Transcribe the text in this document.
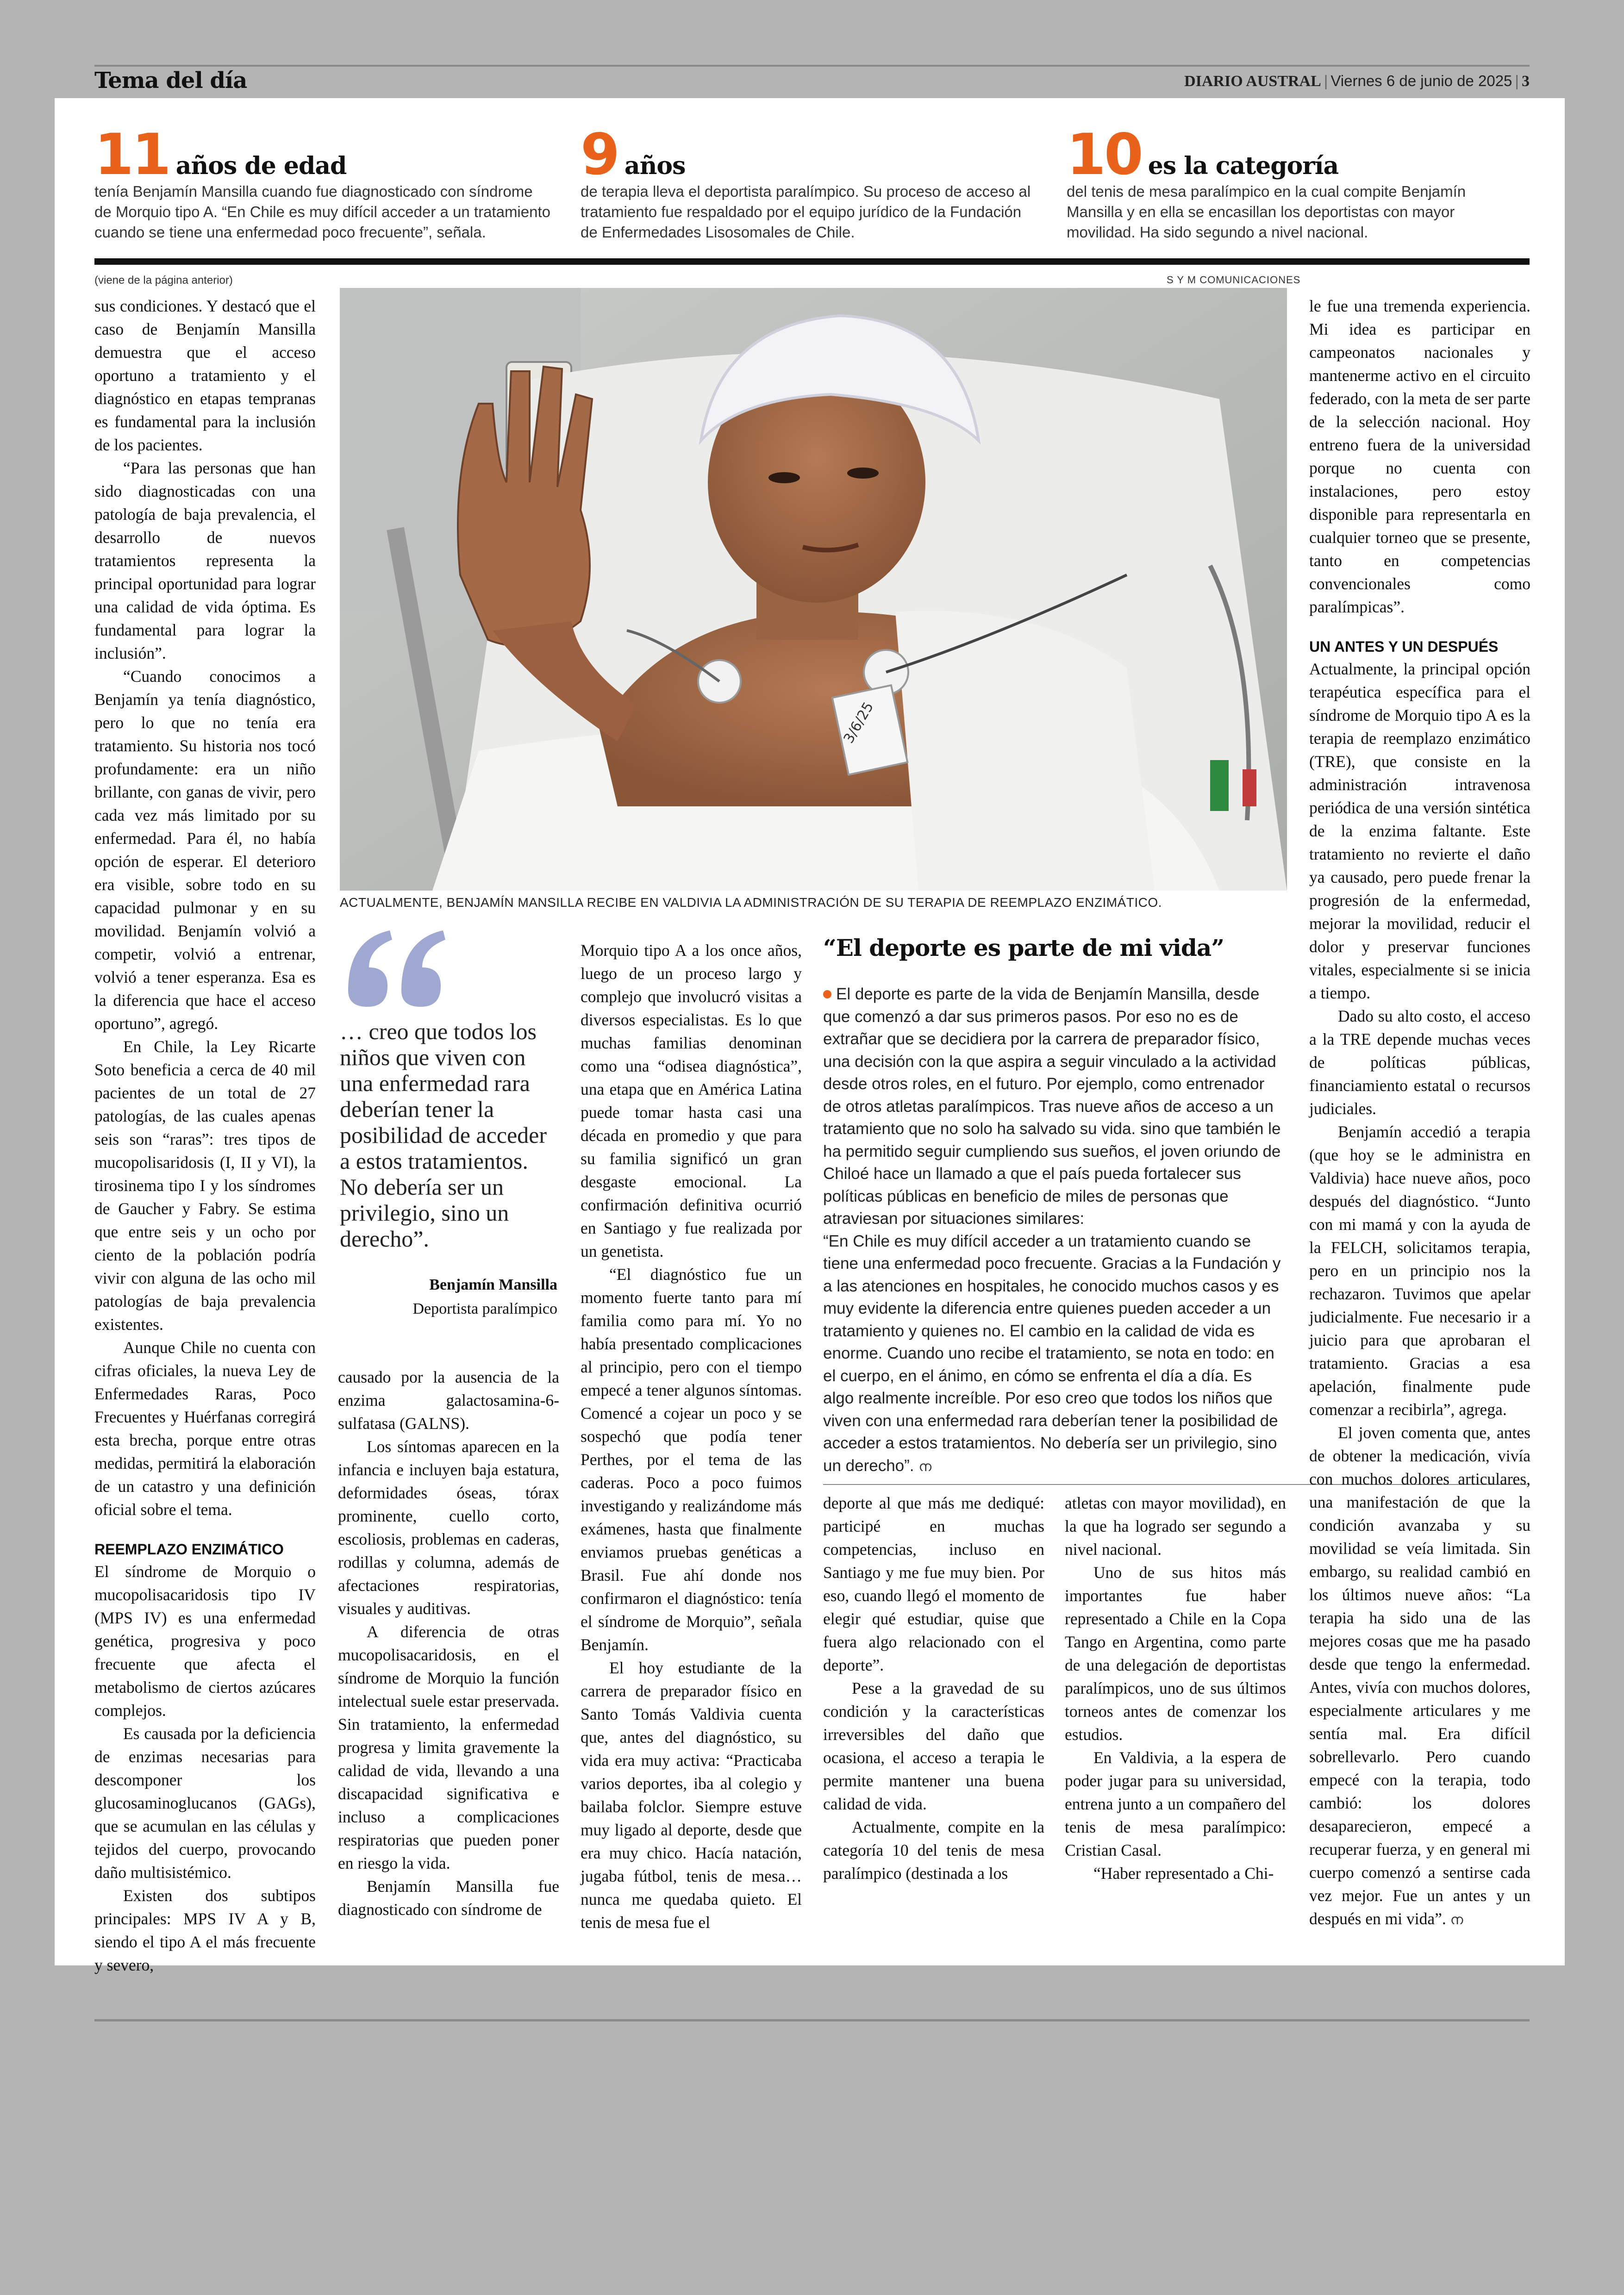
Tema del día	DIARIO AUSTRAL | Viernes 6 de junio de 2025 | 3
11 años de edad
tenía Benjamín Mansilla cuando fue diagnosticado con síndrome de Morquio tipo A. “En Chile es muy difícil acceder a un tratamiento cuando se tiene una enfermedad poco frecuente”, señala.
9 años
de terapia lleva el deportista paralímpico. Su proceso de acceso al tratamiento fue respaldado por el equipo jurídico de la Fundación de Enfermedades Lisosomales de Chile.
10 es la categoría
del tenis de mesa paralímpico en la cual compite Benjamín Mansilla y en ella se encasillan los deportistas con mayor movilidad. Ha sido segundo a nivel nacional.
(viene de la página anterior)	S Y M COMUNICACIONES

sus condiciones. Y destacó que el caso de Benjamín Mansilla demuestra que el acceso oportuno a tratamiento y el diagnóstico en etapas tempranas es fundamental para la inclusión de los pacientes.

“Para las personas que han sido diagnosticadas con una patología de baja prevalencia, el desarrollo de nuevos tratamientos representa la principal oportunidad para lograr una calidad de vida óptima. Es fundamental para lograr la inclusión”.

“Cuando conocimos a Benjamín ya tenía diagnóstico, pero lo que no tenía era tratamiento. Su historia nos tocó profundamente: era un niño brillante, con ganas de vivir, pero cada vez más limitado por su enfermedad. Para él, no había opción de esperar. El deterioro era visible, sobre todo en su capacidad pulmonar y en su movilidad. Benjamín volvió a competir, volvió a entrenar, volvió a tener esperanza. Esa es la diferencia que hace el acceso oportuno”, agregó.

En Chile, la Ley Ricarte Soto beneficia a cerca de 40 mil pacientes de un total de 27 patologías, de las cuales apenas seis son “raras”: tres tipos de mucopolisaridosis (I, II y VI), la tirosinema tipo I y los síndromes de Gaucher y Fabry. Se estima que entre seis y un ocho por ciento de la población podría vivir con alguna de las ocho mil patologías de baja prevalencia existentes.

Aunque Chile no cuenta con cifras oficiales, la nueva Ley de Enfermedades Raras, Poco Frecuentes y Huérfanas corregirá esta brecha, porque entre otras medidas, permitirá la elaboración de un catastro y una definición oficial sobre el tema.

REEMPLAZO ENZIMÁTICO

El síndrome de Morquio o mucopolisacaridosis tipo IV (MPS IV) es una enfermedad genética, progresiva y poco frecuente que afecta el metabolismo de ciertos azúcares complejos.

Es causada por la deficiencia de enzimas necesarias para descomponer los glucosaminoglucanos (GAGs), que se acumulan en las células y tejidos del cuerpo, provocando daño multisistémico.

Existen dos subtipos principales: MPS IV A y B, siendo el tipo A el más frecuente y severo,

3/6/25
ACTUALMENTE, BENJAMÍN MANSILLA RECIBE EN VALDIVIA LA ADMINISTRACIÓN DE SU TERAPIA DE REEMPLAZO ENZIMÁTICO.
… creo que todos los niños que viven con una enfermedad rara deberían tener la posibilidad de acceder a estos tratamientos. No debería ser un privilegio, sino un derecho”.
Benjamín Mansilla
Deportista paralímpico

causado por la ausencia de la enzima galactosamina-6-sulfatasa (GALNS).

Los síntomas aparecen en la infancia e incluyen baja estatura, deformidades óseas, tórax prominente, cuello corto, escoliosis, problemas en caderas, rodillas y columna, además de afectaciones respiratorias, visuales y auditivas.

A diferencia de otras mucopolisacaridosis, en el síndrome de Morquio la función intelectual suele estar preservada. Sin tratamiento, la enfermedad progresa y limita gravemente la calidad de vida, llevando a una discapacidad significativa e incluso a complicaciones respiratorias que pueden poner en riesgo la vida.

Benjamín Mansilla fue diagnosticado con síndrome de

Morquio tipo A a los once años, luego de un proceso largo y complejo que involucró visitas a diversos especialistas. Es lo que muchas familias denominan como una “odisea diagnóstica”, una etapa que en América Latina puede tomar hasta casi una década en promedio y que para su familia significó un gran desgaste emocional. La confirmación definitiva ocurrió en Santiago y fue realizada por un genetista.

“El diagnóstico fue un momento fuerte tanto para mí familia como para mí. Yo no había presentado complicaciones al principio, pero con el tiempo empecé a tener algunos síntomas. Comencé a cojear un poco y se sospechó que podía tener Perthes, por el tema de las caderas. Poco a poco fuimos investigando y realizándome más exámenes, hasta que finalmente enviamos pruebas genéticas a Brasil. Fue ahí donde nos confirmaron el diagnóstico: tenía el síndrome de Morquio”, señala Benjamín.

El hoy estudiante de la carrera de preparador físico en Santo Tomás Valdivia cuenta que, antes del diagnóstico, su vida era muy activa: “Practicaba varios deportes, iba al colegio y bailaba folclor. Siempre estuve muy ligado al deporte, desde que era muy chico. Hacía natación, jugaba fútbol, tenis de mesa… nunca me quedaba quieto. El tenis de mesa fue el

“El deporte es parte de mi vida”

El deporte es parte de la vida de Benjamín Mansilla, desde que comenzó a dar sus primeros pasos. Por eso no es de extrañar que se decidiera por la carrera de preparador físico, una decisión con la que aspira a seguir vinculado a la actividad desde otros roles, en el futuro. Por ejemplo, como entrenador de otros atletas paralímpicos. Tras nueve años de acceso a un tratamiento que no solo ha salvado su vida. sino que también le ha permitido seguir cumpliendo sus sueños, el joven oriundo de Chiloé hace un llamado a que el país pueda fortalecer sus políticas públicas en beneficio de miles de personas que atraviesan por situaciones similares:

“En Chile es muy difícil acceder a un tratamiento cuando se tiene una enfermedad poco frecuente. Gracias a la Fundación y a las atenciones en hospitales, he conocido muchos casos y es muy evidente la diferencia entre quienes pueden acceder a un tratamiento y quienes no. El cambio en la calidad de vida es enorme. Cuando uno recibe el tratamiento, se nota en todo: en el cuerpo, en el ánimo, en cómo se enfrenta el día a día. Es algo realmente increíble. Por eso creo que todos los niños que viven con una enfermedad rara deberían tener la posibilidad de acceder a estos tratamientos. No debería ser un privilegio, sino un derecho”. ന

deporte al que más me dediqué: participé en muchas competencias, incluso en Santiago y me fue muy bien. Por eso, cuando llegó el momento de elegir qué estudiar, quise que fuera algo relacionado con el deporte”.

Pese a la gravedad de su condición y la características irreversibles del daño que ocasiona, el acceso a terapia le permite mantener una buena calidad de vida.

Actualmente, compite en la categoría 10 del tenis de mesa paralímpico (destinada a los

atletas con mayor movilidad), en la que ha logrado ser segundo a nivel nacional.

Uno de sus hitos más importantes fue haber representado a Chile en la Copa Tango en Argentina, como parte de una delegación de deportistas paralímpicos, uno de sus últimos torneos antes de comenzar los estudios.

En Valdivia, a la espera de poder jugar para su universidad, entrena junto a un compañero del tenis de mesa paralímpico: Cristian Casal.

“Haber representado a Chi-

le fue una tremenda experiencia. Mi idea es participar en campeonatos nacionales y mantenerme activo en el circuito federado, con la meta de ser parte de la selección nacional. Hoy entreno fuera de la universidad porque no cuenta con instalaciones, pero estoy disponible para representarla en cualquier torneo que se presente, tanto en competencias convencionales como paralímpicas”.

UN ANTES Y UN DESPUÉS

Actualmente, la principal opción terapéutica específica para el síndrome de Morquio tipo A es la terapia de reemplazo enzimático (TRE), que consiste en la administración intravenosa periódica de una versión sintética de la enzima faltante. Este tratamiento no revierte el daño ya causado, pero puede frenar la progresión de la enfermedad, mejorar la movilidad, reducir el dolor y preservar funciones vitales, especialmente si se inicia a tiempo.

Dado su alto costo, el acceso a la TRE depende muchas veces de políticas públicas, financiamiento estatal o recursos judiciales.

Benjamín accedió a terapia (que hoy se le administra en Valdivia) hace nueve años, poco después del diagnóstico. “Junto con mi mamá y con la ayuda de la FELCH, solicitamos terapia, pero en un principio nos la rechazaron. Tuvimos que apelar judicialmente. Fue necesario ir a juicio para que aprobaran el tratamiento. Gracias a esa apelación, finalmente pude comenzar a recibirla”, agrega.

El joven comenta que, antes de obtener la medicación, vivía con muchos dolores articulares, una manifestación de que la condición avanzaba y su movilidad se veía limitada. Sin embargo, su realidad cambió en los últimos nueve años: “La terapia ha sido una de las mejores cosas que me ha pasado desde que tengo la enfermedad. Antes, vivía con muchos dolores, especialmente articulares y me sentía mal. Era difícil sobrellevarlo. Pero cuando empecé con la terapia, todo cambió: los dolores desaparecieron, empecé a recuperar fuerza, y en general mi cuerpo comenzó a sentirse cada vez mejor. Fue un antes y un después en mi vida”. ന
